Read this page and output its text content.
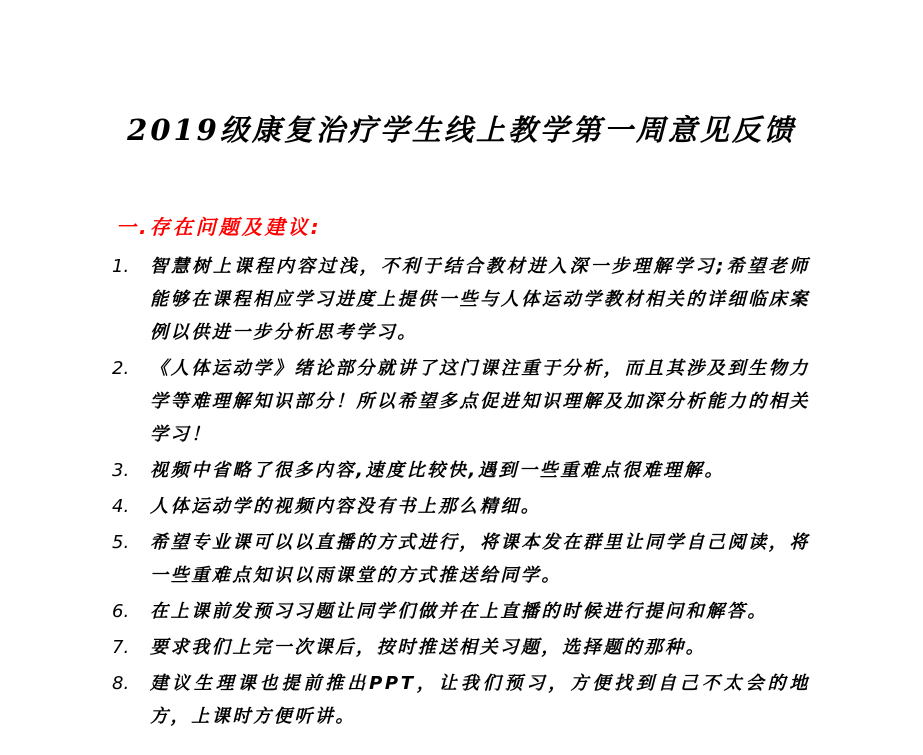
2019级康复治疗学生线上教学第一周意见反馈
一.存在问题及建议:
1.	智慧树上课程内容过浅，不利于结合教材进入深一步理解学习;希望老师能够在课程相应学习进度上提供一些与人体运动学教材相关的详细临床案例以供进一步分析思考学习。
2.	《人体运动学》绪论部分就讲了这门课注重于分析，而且其涉及到生物力学等难理解知识部分！所以希望多点促进知识理解及加深分析能力的相关学习！
3.	视频中省略了很多内容,速度比较快,遇到一些重难点很难理解。
4.	人体运动学的视频内容没有书上那么精细。
5.	希望专业课可以以直播的方式进行，将课本发在群里让同学自己阅读，将一些重难点知识以雨课堂的方式推送给同学。
6.	在上课前发预习习题让同学们做并在上直播的时候进行提问和解答。
7.	要求我们上完一次课后，按时推送相关习题，选择题的那种。
8.	建议生理课也提前推出PPT，让我们预习，方便找到自己不太会的地方，上课时方便听讲。
